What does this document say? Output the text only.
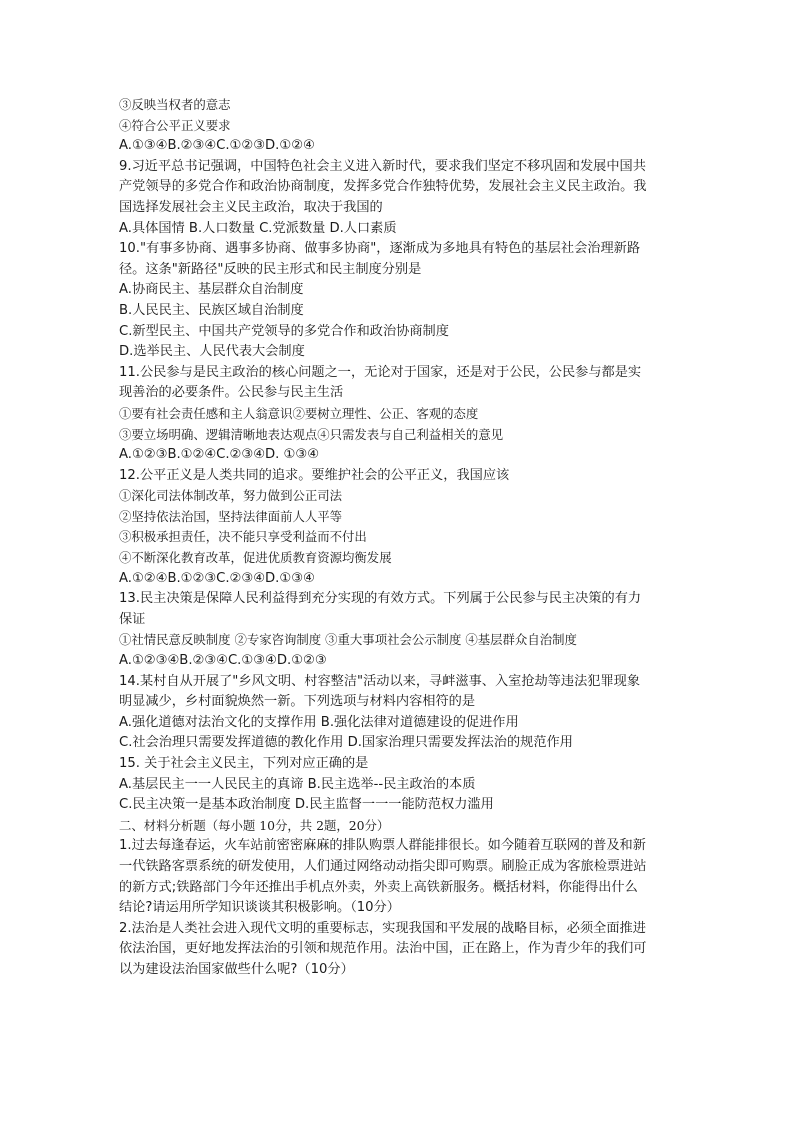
③反映当权者的意志
④符合公平正义要求
A.①③④B.②③④C.①②③D.①②④
9.习近平总书记强调，中国特色社会主义进入新时代，要求我们坚定不移巩固和发展中国共
产党领导的多党合作和政治协商制度，发挥多党合作独特优势，发展社会主义民主政治。我
国选择发展社会主义民主政治，取决于我国的
A.具体国情 B.人口数量 C.党派数量 D.人口素质
10."有事多协商、遇事多协商、做事多协商"，逐渐成为多地具有特色的基层社会治理新路
径。这条"新路径"反映的民主形式和民主制度分别是
A.协商民主、基层群众自治制度
B.人民民主、民族区域自治制度
C.新型民主、中国共产党领导的多党合作和政治协商制度
D.选举民主、人民代表大会制度
11.公民参与是民主政治的核心问题之一，无论对于国家，还是对于公民，公民参与都是实
现善治的必要条件。公民参与民主生活
①要有社会责任感和主人翁意识②要树立理性、公正、客观的态度
③要立场明确、逻辑清晰地表达观点④只需发表与自己利益相关的意见
A.①②③B.①②④C.②③④D. ①③④
12.公平正义是人类共同的追求。要维护社会的公平正义，我国应该
①深化司法体制改革，努力做到公正司法
②坚持依法治国，坚持法律面前人人平等
③积极承担责任，决不能只享受利益而不付出
④不断深化教育改革，促进优质教育资源均衡发展
A.①②④B.①②③C.②③④D.①③④
13.民主决策是保障人民利益得到充分实现的有效方式。下列属于公民参与民主决策的有力
保证
①社情民意反映制度 ②专家咨询制度 ③重大事项社会公示制度 ④基层群众自治制度
A.①②③④B.②③④C.①③④D.①②③
14.某村自从开展了"乡风文明、村容整洁"活动以来，寻衅滋事、入室抢劫等违法犯罪现象
明显减少，乡村面貌焕然一新。下列选项与材料内容相符的是
A.强化道德对法治文化的支撑作用 B.强化法律对道德建设的促进作用
C.社会治理只需要发挥道德的教化作用 D.国家治理只需要发挥法治的规范作用
15. 关于社会主义民主，下列对应正确的是
A.基层民主一一人民民主的真谛 B.民主选举--民主政治的本质
C.民主决策一是基本政治制度 D.民主监督一一一能防范权力滥用
二、材料分析题（每小题 10分，共 2题，20分）
1.过去每逢春运，火车站前密密麻麻的排队购票人群能排很长。如今随着互联网的普及和新
一代铁路客票系统的研发使用，人们通过网络动动指尖即可购票。刷脸正成为客旅检票进站
的新方式;铁路部门今年还推出手机点外卖，外卖上高铁新服务。概括材料，你能得出什么
结论?请运用所学知识谈谈其积极影响。（10分）
2.法治是人类社会进入现代文明的重要标志，实现我国和平发展的战略目标，必须全面推进
依法治国，更好地发挥法治的引领和规范作用。法治中国，正在路上，作为青少年的我们可
以为建设法治国家做些什么呢?（10分）
